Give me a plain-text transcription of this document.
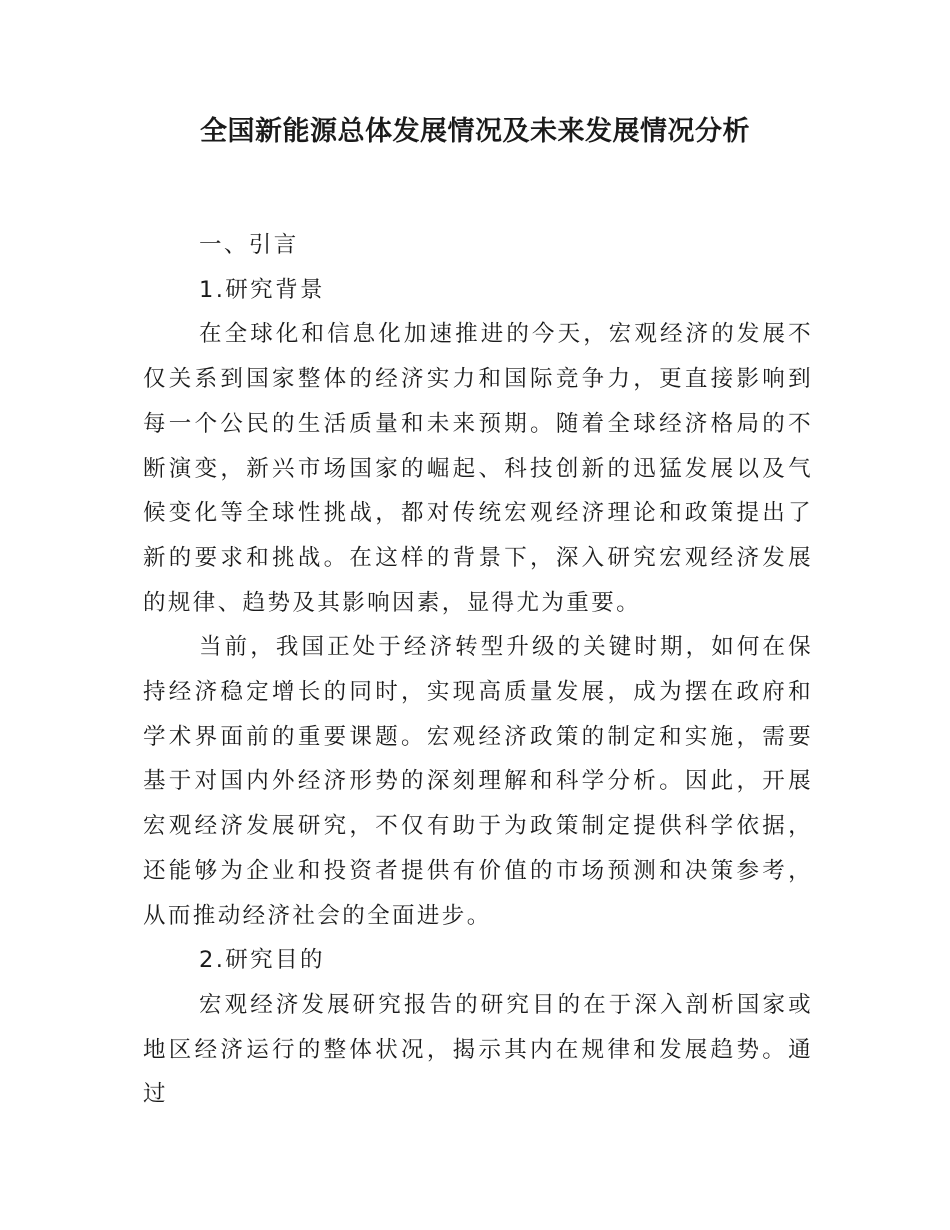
全国新能源总体发展情况及未来发展情况分析

一、引言

1.研究背景

在全球化和信息化加速推进的今天，宏观经济的发展不仅关系到国家整体的经济实力和国际竞争力，更直接影响到每一个公民的生活质量和未来预期。随着全球经济格局的不断演变，新兴市场国家的崛起、科技创新的迅猛发展以及气候变化等全球性挑战，都对传统宏观经济理论和政策提出了新的要求和挑战。在这样的背景下，深入研究宏观经济发展的规律、趋势及其影响因素，显得尤为重要。

当前，我国正处于经济转型升级的关键时期，如何在保持经济稳定增长的同时，实现高质量发展，成为摆在政府和学术界面前的重要课题。宏观经济政策的制定和实施，需要基于对国内外经济形势的深刻理解和科学分析。因此，开展宏观经济发展研究，不仅有助于为政策制定提供科学依据，还能够为企业和投资者提供有价值的市场预测和决策参考，从而推动经济社会的全面进步。

2.研究目的

宏观经济发展研究报告的研究目的在于深入剖析国家或地区经济运行的整体状况，揭示其内在规律和发展趋势。通过
